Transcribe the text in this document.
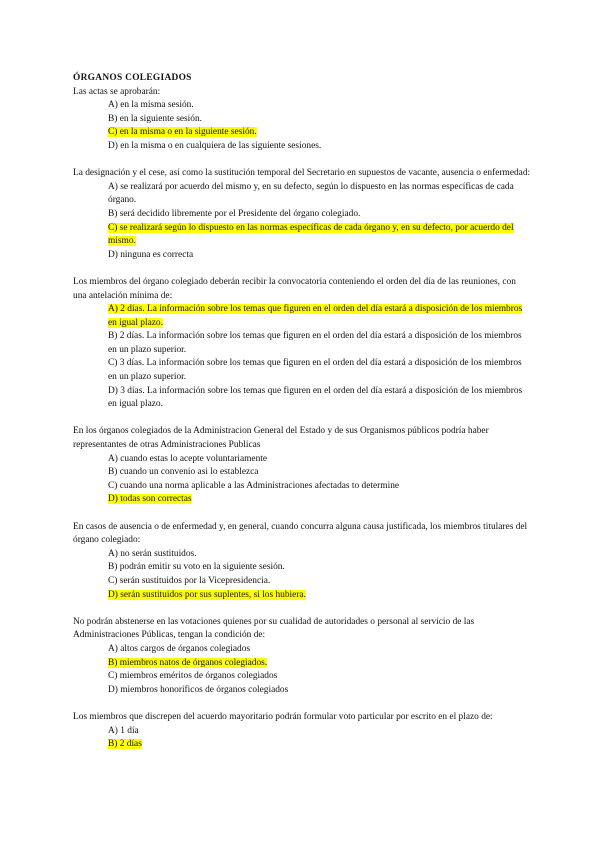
ÓRGANOS COLEGIADOS
Las actas se aprobarán:
A) en la misma sesión.
B) en la siguiente sesión.
C) en la misma o en la siguiente sesión.
D) en la misma o en cualquiera de las siguiente sesiones.
La designación y el cese, así como la sustitución temporal del Secretario en supuestos de vacante, ausencia o enfermedad:
A) se realizará por acuerdo del mismo y, en su defecto, según lo dispuesto en las normas específicas de cada órgano.
B) será decidido libremente por el Presidente del órgano colegiado.
C) se realizará según lo dispuesto en las normas específicas de cada órgano y, en su defecto, por acuerdo del mismo.
D) ninguna es correcta
Los miembros del órgano colegiado deberán recibir la convocatoria conteniendo el orden del día de las reuniones, con una antelación mínima de:
A) 2 días. La información sobre los temas que figuren en el orden del día estará a disposición de los miembros en igual plazo.
B) 2 días. La información sobre los temas que figuren en el orden del día estará a disposición de los miembros en un plazo superior.
C) 3 días. La información sobre los temas que figuren en el orden del día estará a disposición de los miembros en un plazo superior.
D) 3 días. La información sobre los temas que figuren en el orden del día estará a disposición de los miembros en igual plazo.
En los órganos colegiados de la Administracion General del Estado y de sus Organismos públicos podría haber representantes de otras Administraciones Publicas
A) cuando estas lo acepte voluntariamente
B) cuando un convenio asi lo establezca
C) cuando una norma aplicable a las Administraciones afectadas to determine
D) todas son correctas
En casos de ausencia o de enfermedad y, en general, cuando concurra alguna causa justificada, los miembros titulares del órgano colegiado:
A) no serán sustituidos.
B) podrán emitir su voto en la siguiente sesión.
C) serán sustituidos por la Vicepresidencia.
D) serán sustituidos por sus suplentes, si los hubiera.
No podrán abstenerse en las votaciones quienes por su cualidad de autoridades o personal al servicio de las Administraciones Públicas, tengan la condición de:
A) altos cargos de órganos colegiados
B) miembros natos de órganos colegiados.
C) miembros eméritos de órganos colegiados
D) miembros honoríficos de órganos colegiados
Los miembros que discrepen del acuerdo mayoritario podrán formular voto particular por escrito en el plazo de:
A) 1 día
B) 2 días
